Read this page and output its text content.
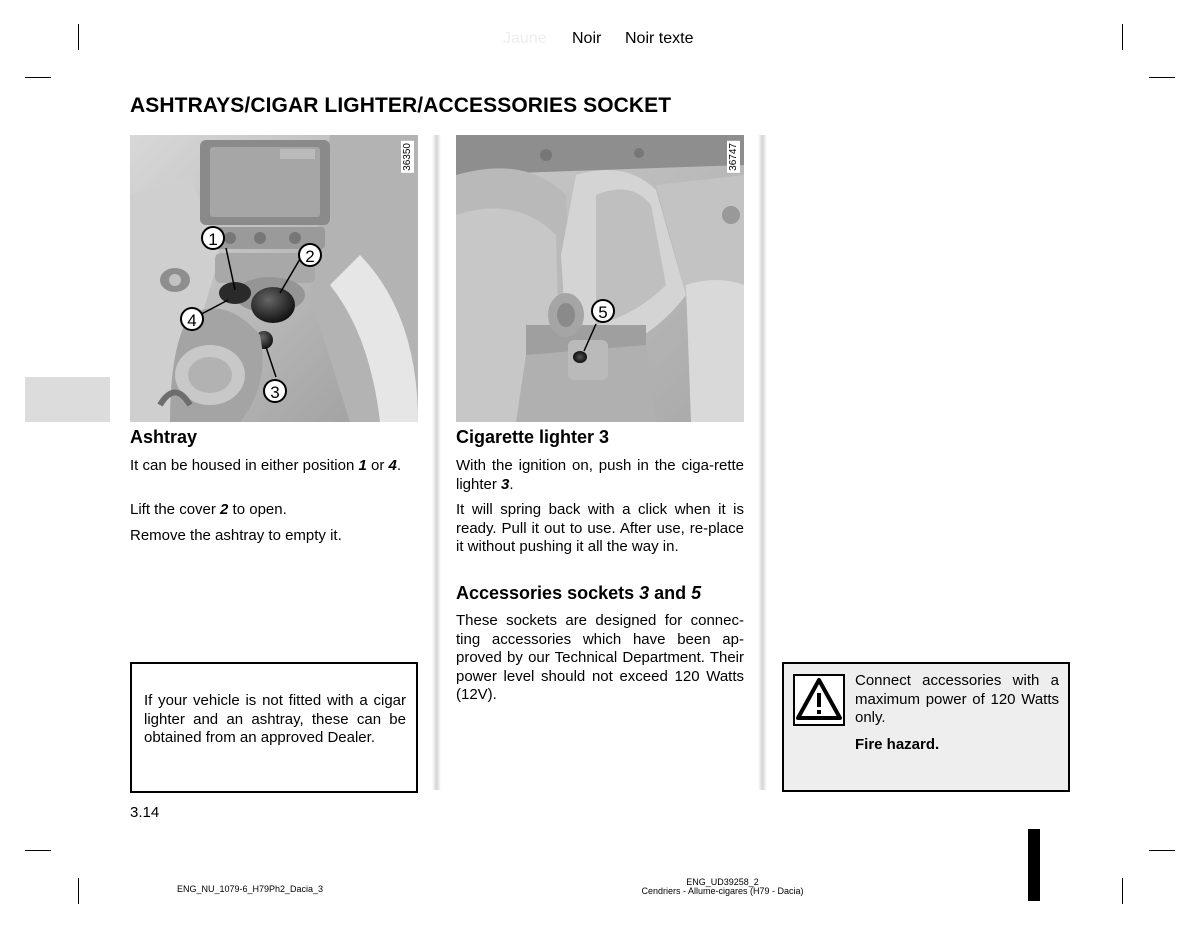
Jaune Noir Noir texte
ASHTRAYS/CIGAR LIGHTER/ACCESSORIES SOCKET
1
2
3
4
36350
5
36747
Ashtray
It can be housed in either position 1 or 4.
Lift the cover 2 to open.
Remove the ashtray to empty it.
If your vehicle is not fitted with a cigar lighter and an ashtray, these can be obtained from an approved Dealer.
Cigarette lighter 3
With the ignition on, push in the ciga-rette lighter 3.
It will spring back with a click when it is ready. Pull it out to use. After use, re-place it without pushing it all the way in.
Accessories sockets 3 and 5
These sockets are designed for connec-ting accessories which have been ap-proved by our Technical Department. Their power level should not exceed 120 Watts (12V).
Connect accessories with a maximum power of 120 Watts only.
Fire hazard.
3.14
ENG_NU_1079-6_H79Ph2_Dacia_3
ENG_UD39258_2
Cendriers - Allume-cigares (H79 - Dacia)
